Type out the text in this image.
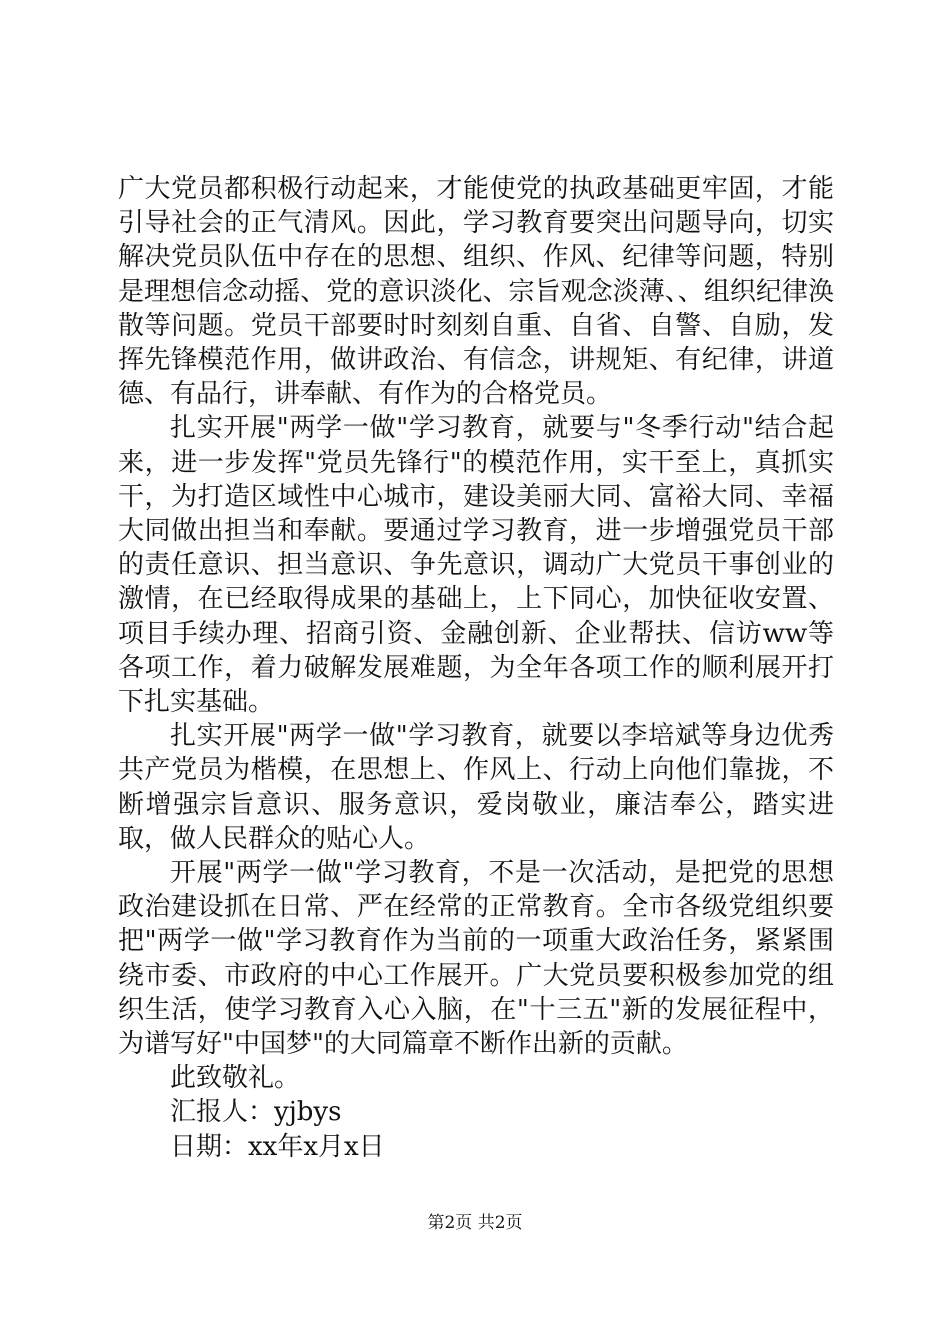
广大党员都积极行动起来，才能使党的执政基础更牢固，才能引导社会的正气清风。因此，学习教育要突出问题导向，切实解决党员队伍中存在的思想、组织、作风、纪律等问题，特别是理想信念动摇、党的意识淡化、宗旨观念淡薄、、组织纪律涣散等问题。党员干部要时时刻刻自重、自省、自警、自励，发挥先锋模范作用，做讲政治、有信念，讲规矩、有纪律，讲道德、有品行，讲奉献、有作为的合格党员。

扎实开展"两学一做"学习教育，就要与"冬季行动"结合起来，进一步发挥"党员先锋行"的模范作用，实干至上，真抓实干，为打造区域性中心城市，建设美丽大同、富裕大同、幸福大同做出担当和奉献。要通过学习教育，进一步增强党员干部的责任意识、担当意识、争先意识，调动广大党员干事创业的激情，在已经取得成果的基础上，上下同心，加快征收安置、项目手续办理、招商引资、金融创新、企业帮扶、信访ww等各项工作，着力破解发展难题，为全年各项工作的顺利展开打下扎实基础。

扎实开展"两学一做"学习教育，就要以李培斌等身边优秀共产党员为楷模，在思想上、作风上、行动上向他们靠拢，不断增强宗旨意识、服务意识，爱岗敬业，廉洁奉公，踏实进取，做人民群众的贴心人。

开展"两学一做"学习教育，不是一次活动，是把党的思想政治建设抓在日常、严在经常的正常教育。全市各级党组织要把"两学一做"学习教育作为当前的一项重大政治任务，紧紧围绕市委、市政府的中心工作展开。广大党员要积极参加党的组织生活，使学习教育入心入脑，在"十三五"新的发展征程中，为谱写好"中国梦"的大同篇章不断作出新的贡献。

此致敬礼。

汇报人：yjbys

日期：xx年x月x日

第2页 共2页
